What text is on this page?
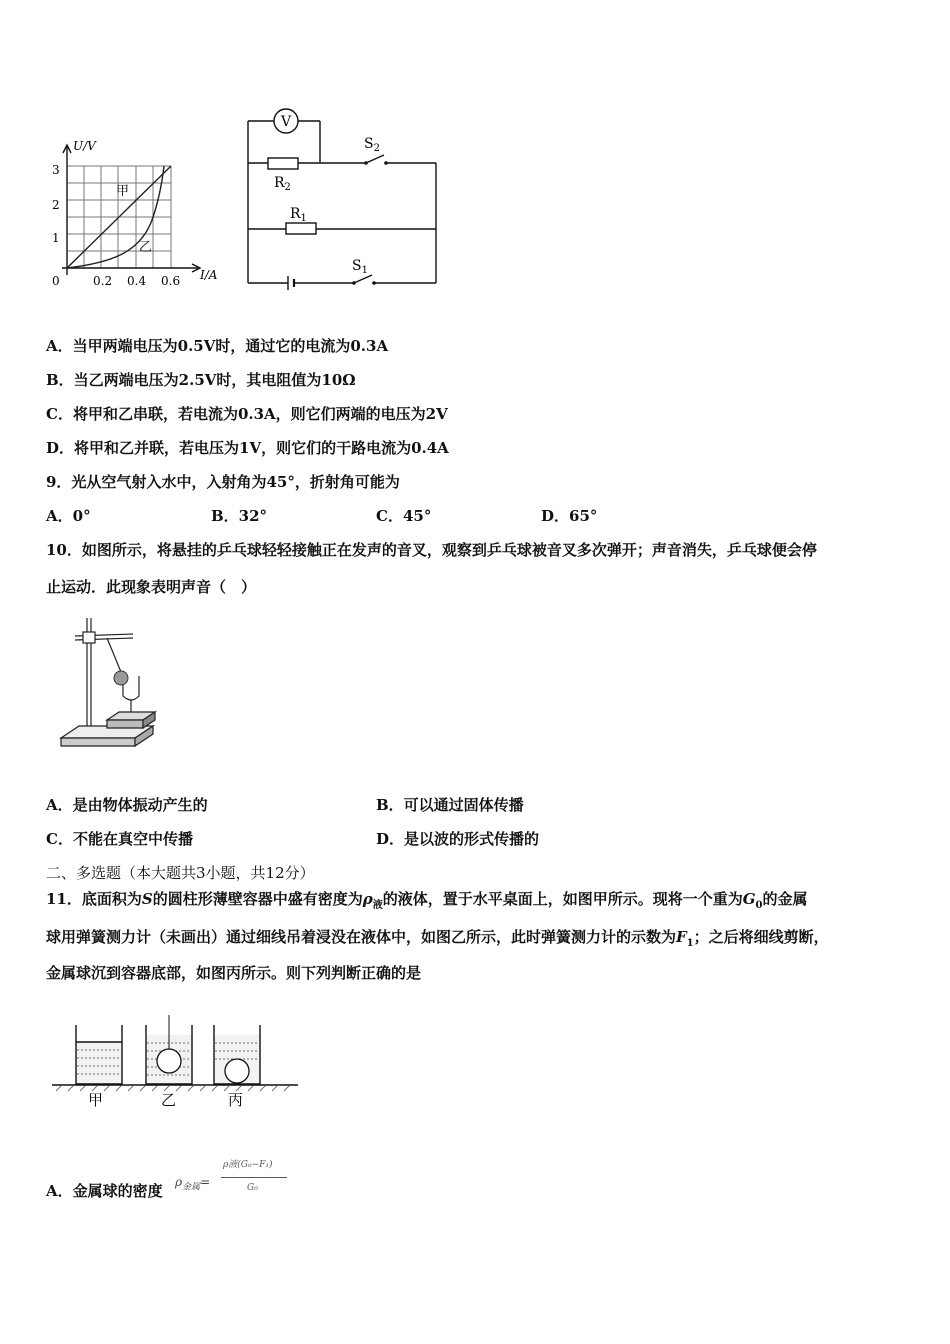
U/V
I/A
3
2
1
0	0.2 0.4 0.6
甲
乙
V
$S_2$
$R_2$
$R_1$
$S_1$
A．当甲两端电压为0.5V时，通过它的电流为0.3A
B．当乙两端电压为2.5V时，其电阻值为10Ω
C．将甲和乙串联，若电流为0.3A，则它们两端的电压为2V
D．将甲和乙并联，若电压为1V，则它们的干路电流为0.4A
9．光从空气射入水中，入射角为45°，折射角可能为
A．0°	B．32°	C．45°	D．65°
10．如图所示，将悬挂的乒乓球轻轻接触正在发声的音叉，观察到乒乓球被音叉多次弹开；声音消失，乒乓球便会停
止运动．此现象表明声音（　）
A．是由物体振动产生的	B．可以通过固体传播
C．不能在真空中传播	D．是以波的形式传播的
二、多选题（本大题共3小题，共12分）
11．底面积为S的圆柱形薄壁容器中盛有密度为$\rho_液$的液体，置于水平桌面上，如图甲所示。现将一个重为$G_0$的金属
球用弹簧测力计（未画出）通过细线吊着浸没在液体中，如图乙所示，此时弹簧测力计的示数为$F_1$；之后将细线剪断，
金属球沉到容器底部，如图丙所示。则下列判断正确的是
甲	乙	丙
A．金属球的密度 $\rho_{金属}=$
ρ液(G₀−F₁)
G₀
